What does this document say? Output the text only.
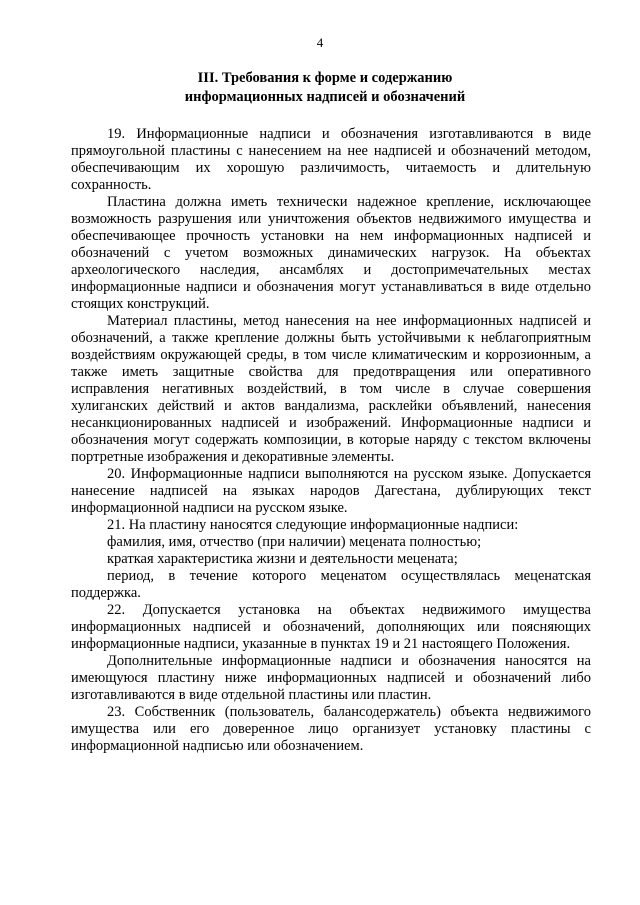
4
III. Требования к форме и содержанию
информационных надписей и обозначений

19. Информационные надписи и обозначения изготавливаются в виде прямоугольной пластины с нанесением на нее надписей и обозначений методом, обеспечивающим их хорошую различимость, читаемость и длительную сохранность.

Пластина должна иметь технически надежное крепление, исключающее возможность разрушения или уничтожения объектов недвижимого имущества и обеспечивающее прочность установки на нем информационных надписей и обозначений с учетом возможных динамических нагрузок. На объектах археологического наследия, ансамблях и достопримечательных местах информационные надписи и обозначения могут устанавливаться в виде отдельно стоящих конструкций.

Материал пластины, метод нанесения на нее информационных надписей и обозначений, а также крепление должны быть устойчивыми к неблагоприятным воздействиям окружающей среды, в том числе климатическим и коррозионным, а также иметь защитные свойства для предотвращения или оперативного исправления негативных воздействий, в том числе в случае совершения хулиганских действий и актов вандализма, расклейки объявлений, нанесения несанкционированных надписей и изображений. Информационные надписи и обозначения могут содержать композиции, в которые наряду с текстом включены портретные изображения и декоративные элементы.

20. Информационные надписи выполняются на русском языке. Допускается нанесение надписей на языках народов Дагестана, дублирующих текст информационной надписи на русском языке.

21. На пластину наносятся следующие информационные надписи:

фамилия, имя, отчество (при наличии) мецената полностью;

краткая характеристика жизни и деятельности мецената;

период, в течение которого меценатом осуществлялась меценатская поддержка.

22. Допускается установка на объектах недвижимого имущества информационных надписей и обозначений, дополняющих или поясняющих информационные надписи, указанные в пунктах 19 и 21 настоящего Положения.

Дополнительные информационные надписи и обозначения наносятся на имеющуюся пластину ниже информационных надписей и обозначений либо изготавливаются в виде отдельной пластины или пластин.

23. Собственник (пользователь, балансодержатель) объекта недвижимого имущества или его доверенное лицо организует установку пластины с информационной надписью или обозначением.
